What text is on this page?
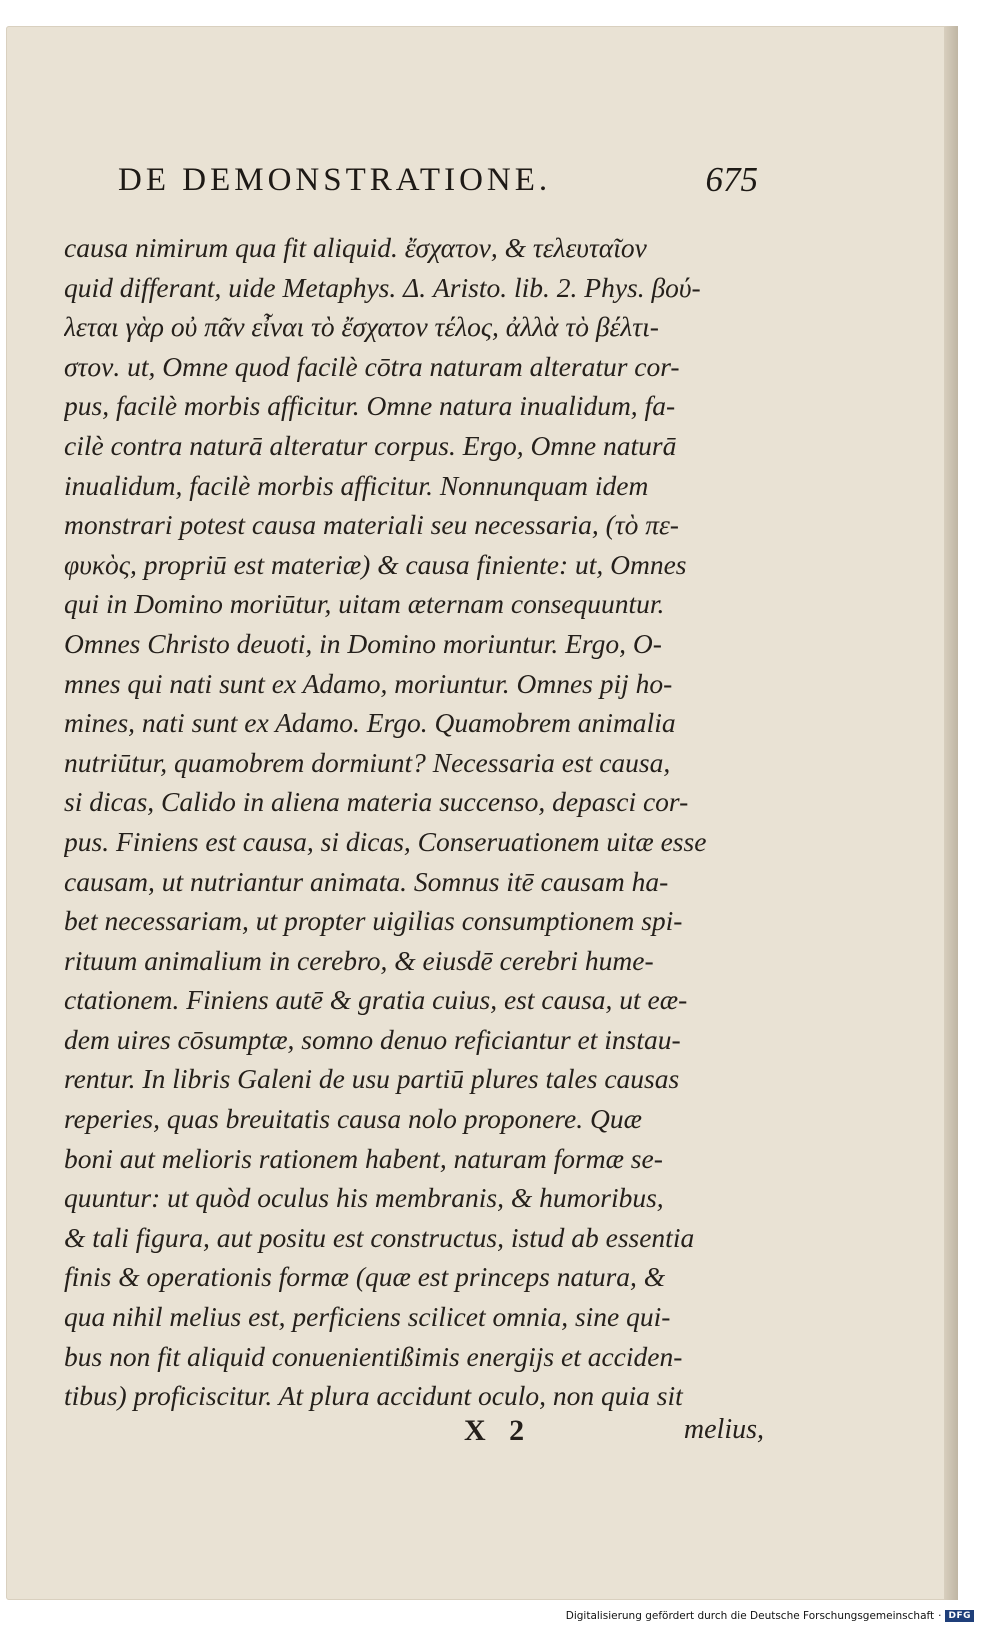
DE DEMONSTRATIONE.	675
causa nimirum qua fit aliquid. ἔσχατον, & τελευταῖον
quid differant, uide Metaphys. Δ. Aristo. lib. 2. Phys. βού-
λεται γὰρ οὐ πᾶν εἶναι τὸ ἔσχατον τέλος, ἀλλὰ τὸ βέλτι-
στον. ut, Omne quod facilè cōtra naturam alteratur cor-
pus, facilè morbis afficitur. Omne natura inualidum, fa-
cilè contra naturā alteratur corpus. Ergo, Omne naturā
inualidum, facilè morbis afficitur. Nonnunquam idem
monstrari potest causa materiali seu necessaria, (τὸ πε-
φυκὸς, propriū est materiæ) & causa finiente: ut, Omnes
qui in Domino moriūtur, uitam æternam consequuntur.
Omnes Christo deuoti, in Domino moriuntur. Ergo, O-
mnes qui nati sunt ex Adamo, moriuntur. Omnes pij ho-
mines, nati sunt ex Adamo. Ergo. Quamobrem animalia
nutriūtur, quamobrem dormiunt? Necessaria est causa,
si dicas, Calido in aliena materia succenso, depasci cor-
pus. Finiens est causa, si dicas, Conseruationem uitæ esse
causam, ut nutriantur animata. Somnus itē causam ha-
bet necessariam, ut propter uigilias consumptionem spi-
rituum animalium in cerebro, & eiusdē cerebri hume-
ctationem. Finiens autē & gratia cuius, est causa, ut eæ-
dem uires cōsumptæ, somno denuo reficiantur et instau-
rentur. In libris Galeni de usu partiū plures tales causas
reperies, quas breuitatis causa nolo proponere. Quæ
boni aut melioris rationem habent, naturam formæ se-
quuntur: ut quòd oculus his membranis, & humoribus,
& tali figura, aut positu est constructus, istud ab essentia
finis & operationis formæ (quæ est princeps natura, &
qua nihil melius est, perficiens scilicet omnia, sine qui-
bus non fit aliquid conuenientißimis energijs et acciden-
tibus) proficiscitur. At plura accidunt oculo, non quia sit
X 2	melius,
Digitalisierung gefördert durch die Deutsche Forschungsgemeinschaft · DFG
